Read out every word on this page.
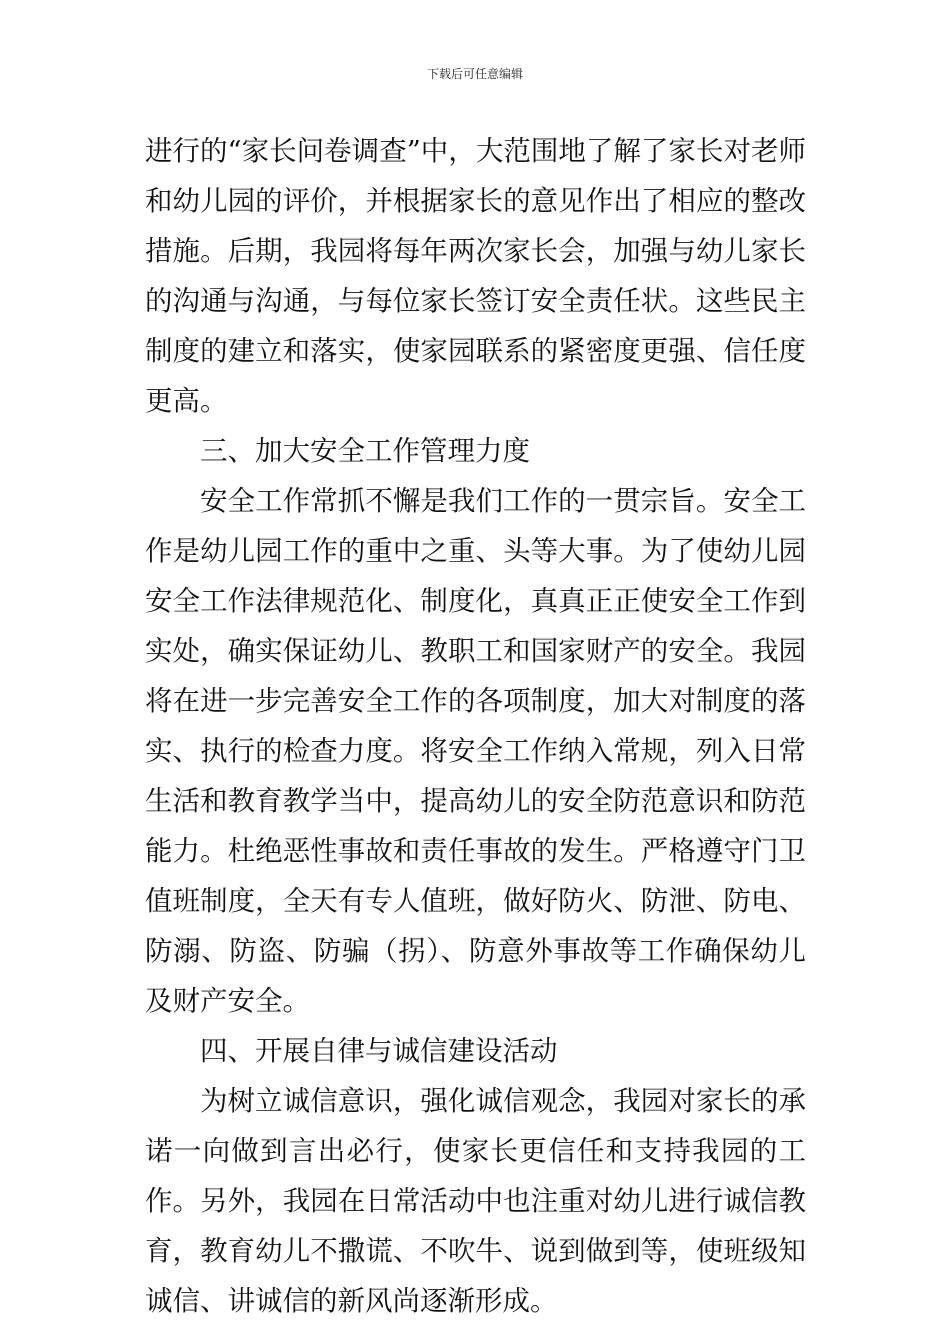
下载后可任意编辑

进行的“家长问卷调查”中，大范围地了解了家长对老师和幼儿园的评价，并根据家长的意见作出了相应的整改措施。后期，我园将每年两次家长会，加强与幼儿家长的沟通与沟通，与每位家长签订安全责任状。这些民主制度的建立和落实，使家园联系的紧密度更强、信任度更高。

三、加大安全工作管理力度

安全工作常抓不懈是我们工作的一贯宗旨。安全工作是幼儿园工作的重中之重、头等大事。为了使幼儿园安全工作法律规范化、制度化，真真正正使安全工作到实处，确实保证幼儿、教职工和国家财产的安全。我园将在进一步完善安全工作的各项制度，加大对制度的落实、执行的检查力度。将安全工作纳入常规，列入日常生活和教育教学当中，提高幼儿的安全防范意识和防范能力。杜绝恶性事故和责任事故的发生。严格遵守门卫值班制度，全天有专人值班，做好防火、防泄、防电、防溺、防盗、防骗（拐）、防意外事故等工作确保幼儿及财产安全。

四、开展自律与诚信建设活动

为树立诚信意识，强化诚信观念，我园对家长的承诺一向做到言出必行，使家长更信任和支持我园的工作。另外，我园在日常活动中也注重对幼儿进行诚信教育，教育幼儿不撒谎、不吹牛、说到做到等，使班级知诚信、讲诚信的新风尚逐渐形成。
